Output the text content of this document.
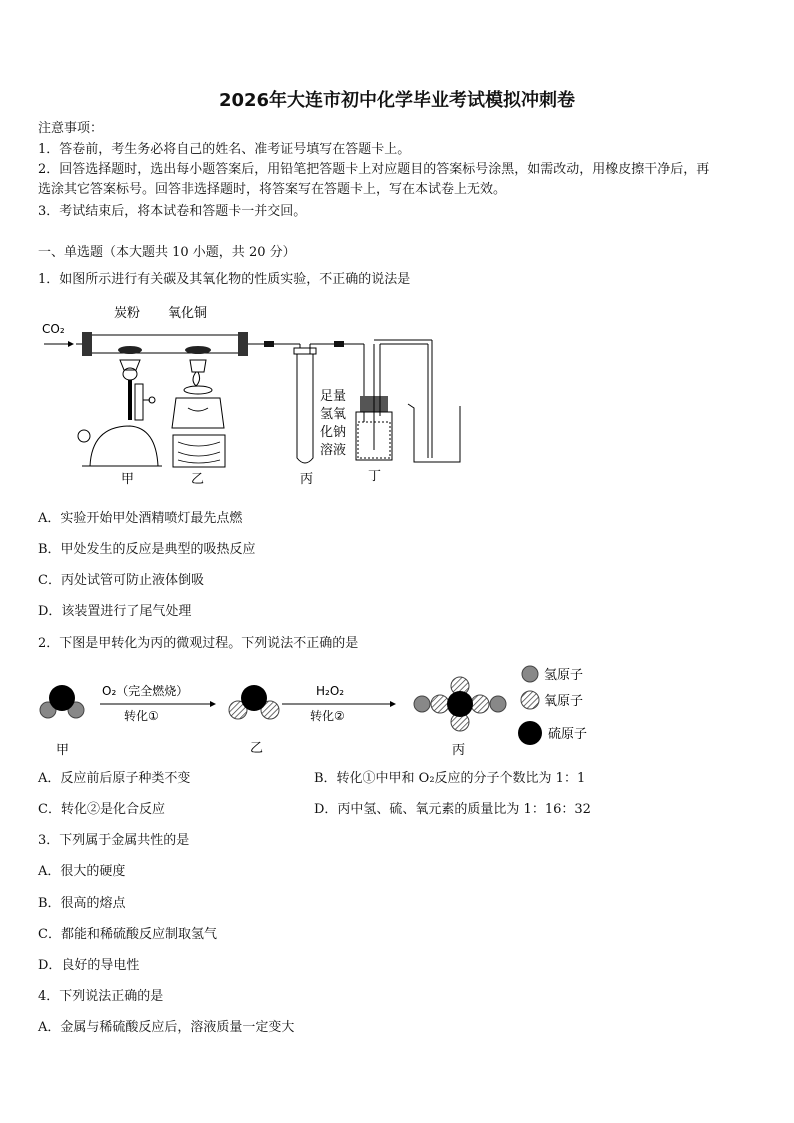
2026年大连市初中化学毕业考试模拟冲刺卷
注意事项：
1．答卷前，考生务必将自己的姓名、准考证号填写在答题卡上。
2．回答选择题时，选出每小题答案后，用铅笔把答题卡上对应题目的答案标号涂黑，如需改动，用橡皮擦干净后，再
选涂其它答案标号。回答非选择题时，将答案写在答题卡上，写在本试卷上无效。
3．考试结束后，将本试卷和答题卡一并交回。
一、单选题（本大题共 10 小题，共 20 分）
1．如图所示进行有关碳及其氧化物的性质实验，不正确的说法是
CO₂
炭粉 氧化铜
甲	乙	丙
足量
氢氧
化钠
溶液
丁
A．实验开始甲处酒精喷灯最先点燃
B．甲处发生的反应是典型的吸热反应
C．丙处试管可防止液体倒吸
D．该装置进行了尾气处理
2．下图是甲转化为丙的微观过程。下列说法不正确的是
甲
O₂（完全燃烧）
转化①
乙
H₂O₂
转化②
丙
氢原子
氧原子
硫原子
A．反应前后原子种类不变	B．转化①中甲和 O₂反应的分子个数比为 1：1
C．转化②是化合反应	D．丙中氢、硫、氧元素的质量比为 1：16：32
3．下列属于金属共性的是
A．很大的硬度
B．很高的熔点
C．都能和稀硫酸反应制取氢气
D．良好的导电性
4．下列说法正确的是
A．金属与稀硫酸反应后，溶液质量一定变大
